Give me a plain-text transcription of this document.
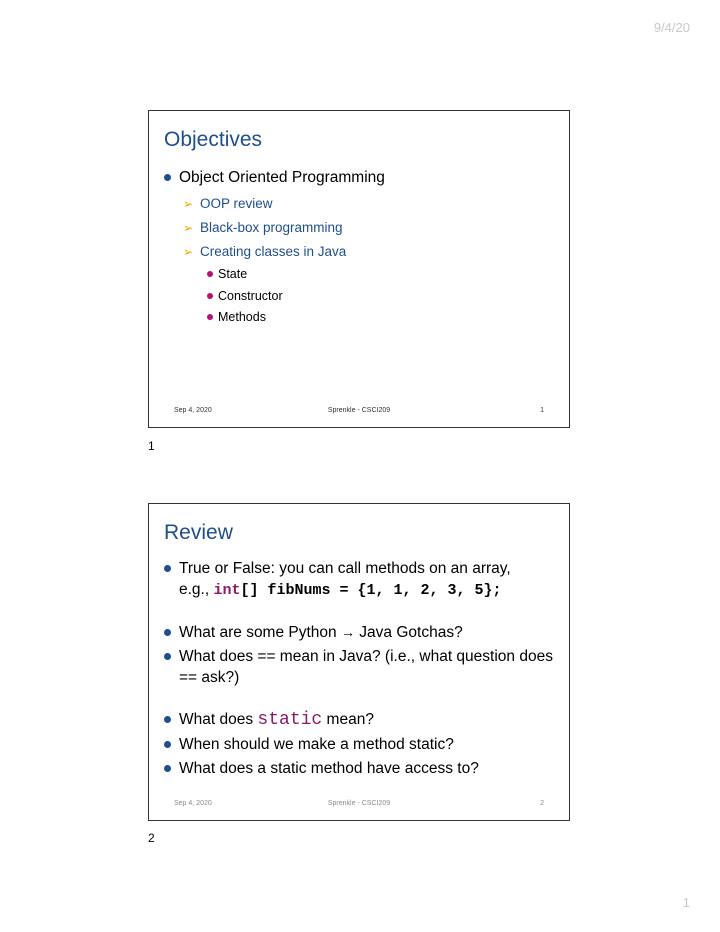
9/4/20
Objectives
Object Oriented Programming
➢ OOP review
➢ Black-box programming
➢ Creating classes in Java
State
Constructor
Methods
Sep 4, 2020	Sprenkle - CSCI209	1
1
Review
True or False: you can call methods on an array,
e.g., int[] fibNums = {1, 1, 2, 3, 5};
What are some Python → Java Gotchas?
What does == mean in Java? (i.e., what question does == ask?)
What does static mean?
When should we make a method static?
What does a static method have access to?
Sep 4, 2020	Sprenkle - CSCI209	2
2
1
